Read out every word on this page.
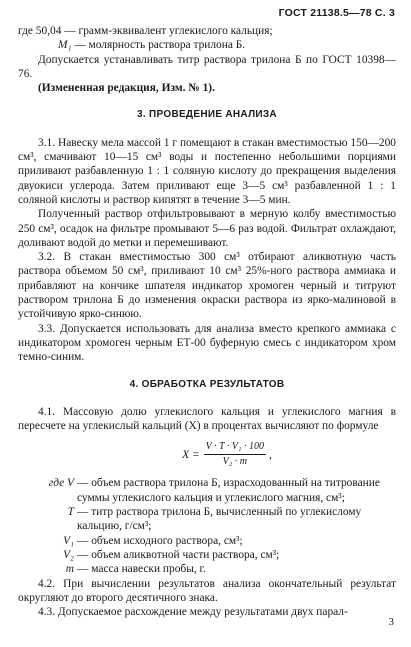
ГОСТ 21138.5—78 С. 3
где 50,04
— грамм-эквивалент углекислого кальция;
М₁
— молярность раствора трилона Б.

Допускается устанавливать титр раствора трилона Б по ГОСТ 10398—76.

(Измененная редакция, Изм. № 1).

3. ПРОВЕДЕНИЕ АНАЛИЗА

3.1. Навеску мела массой 1 г помещают в стакан вместимостью 150—200 см³, смачивают 10—15 см³ воды и постепенно небольшими порциями приливают разбавленную 1 : 1 соляную кислоту до прекращения выделения двуокиси углерода. Затем приливают еще 3—5 см³ разбавленной 1 : 1 соляной кислоты и раствор кипятят в течение 3—5 мин.

Полученный раствор отфильтровывают в мерную колбу вместимостью 250 см³, осадок на фильтре промывают 5—6 раз водой. Фильтрат охлаждают, доливают водой до метки и перемешивают.

3.2. В стакан вместимостью 300 см³ отбирают аликвотную часть раствора объемом 50 см³, приливают 10 см³ 25%-ного раствора аммиака и прибавляют на кончике шпателя индикатор хромоген черный и титруют раствором трилона Б до изменения окраски раствора из ярко-малиновой в устойчивую ярко-синюю.

3.3. Допускается использовать для анализа вместо крепкого аммиака с индикатором хромоген черным ЕТ-00 буферную смесь с индикатором хром темно-синим.

4. ОБРАБОТКА РЕЗУЛЬТАТОВ

4.1. Массовую долю углекислого кальция и углекислого магния в пересчете на углекислый кальций (X) в процентах вычисляют по формуле

$X = \frac{\text{V · T · V₁ · 100}}{\text{V₂ · m}}$ ,
где V — объем раствора трилона Б, израсходованный на титрование суммы углекислого кальция и углекислого магния, см³;
T — титр раствора трилона Б, вычисленный по углекислому кальцию, г/см³;
V₁ — объем исходного раствора, см³;
V₂ — объем аликвотной части раствора, см³;
m — масса навески пробы, г.

4.2. При вычислении результатов анализа окончательный результат округляют до второго десятичного знака.

4.3. Допускаемое расхождение между результатами двух парал-

3
